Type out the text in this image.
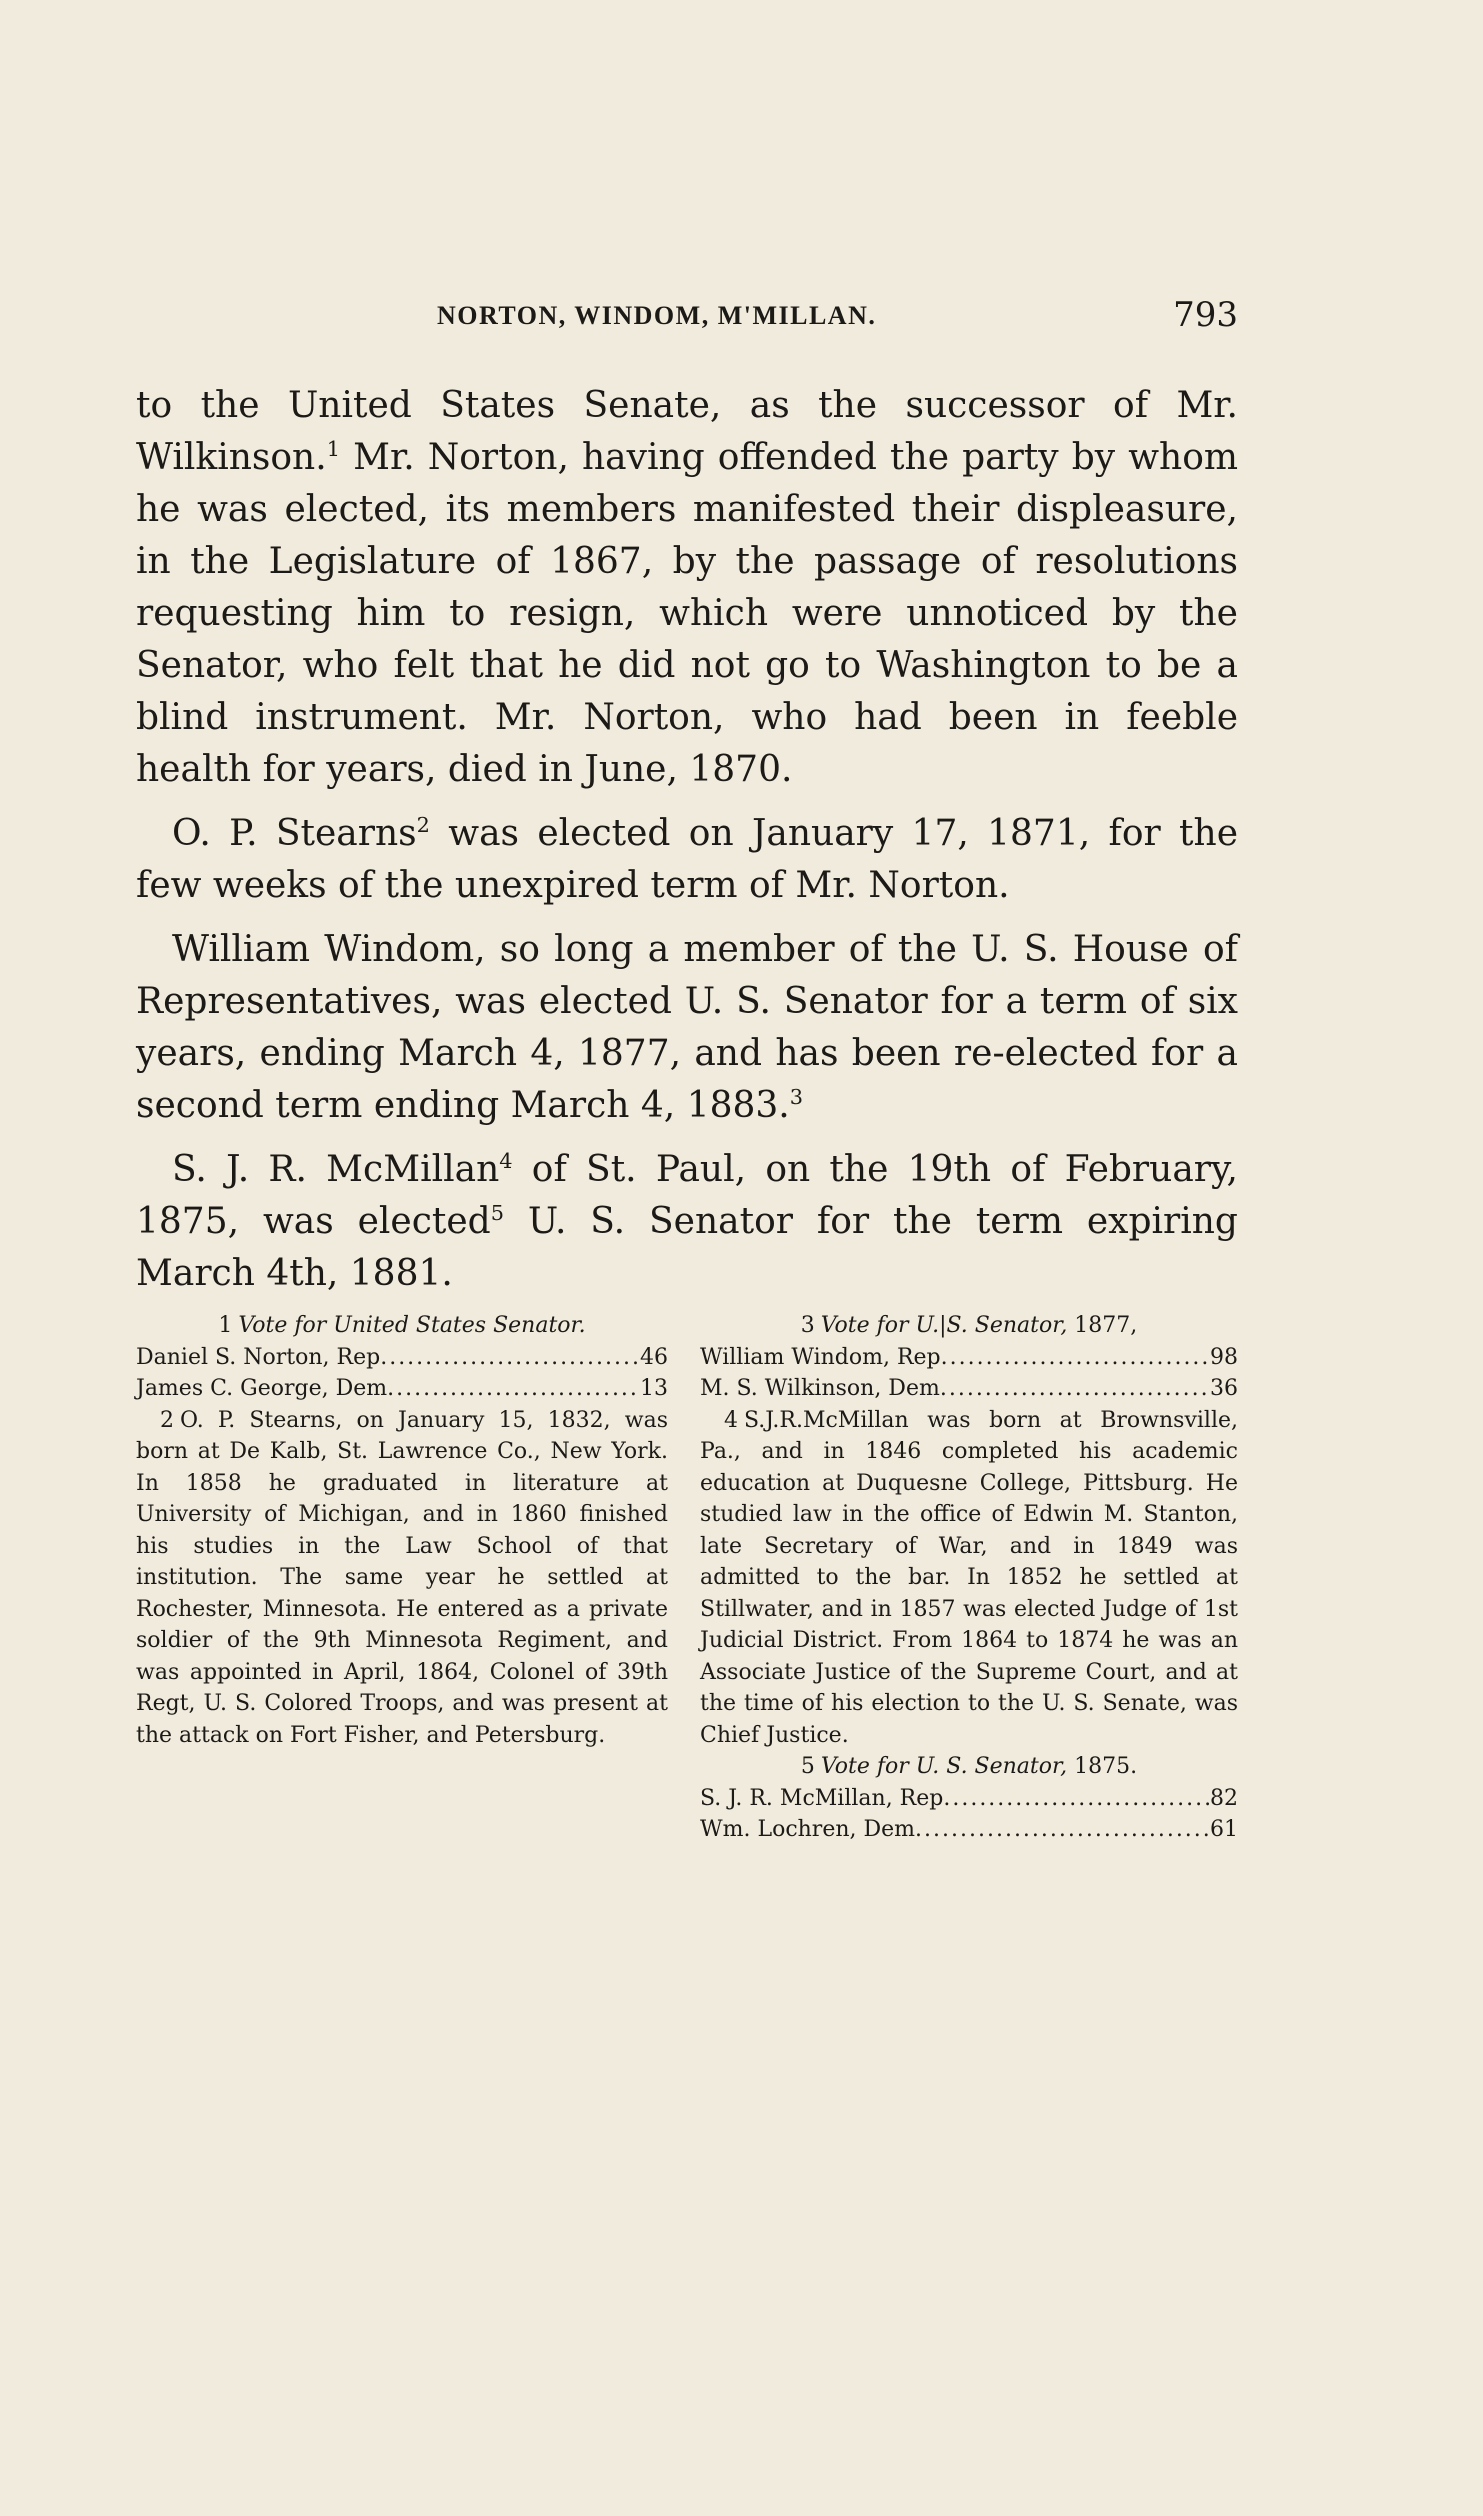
NORTON, WINDOM, M'MILLAN.	793

to the United States Senate, as the successor of Mr. Wilkinson.$^1$ Mr. Norton, having offended the party by whom he was elected, its members manifested their displeasure, in the Legislature of 1867, by the passage of resolutions requesting him to resign, which were unnoticed by the Senator, who felt that he did not go to Washington to be a blind instrument. Mr. Norton, who had been in feeble health for years, died in June, 1870.

O. P. Stearns$^2$ was elected on January 17, 1871, for the few weeks of the unexpired term of Mr. Norton.

William Windom, so long a member of the U. S. House of Representatives, was elected U. S. Senator for a term of six years, ending March 4, 1877, and has been re-elected for a second term ending March 4, 1883.$^3$

S. J. R. McMillan$^4$ of St. Paul, on the 19th of February, 1875, was elected$^5$ U. S. Senator for the term expiring March 4th, 1881.

1 Vote for United States Senator.
Daniel S. Norton, Rep .....	46
James C. George, Dem .....	13
2 O. P. Stearns, on January 15, 1832, was born at De Kalb, St. Lawrence Co., New York. In 1858 he graduated in literature at University of Michigan, and in 1860 finished his studies in the Law School of that institution. The same year he settled at Rochester, Minnesota. He entered as a private soldier of the 9th Minnesota Regiment, and was appointed in April, 1864, Colonel of 39th Regt, U. S. Colored Troops, and was present at the attack on Fort Fisher, and Petersburg.
3 Vote for U.|S. Senator, 1877,
William Windom, Rep .....	98
M. S. Wilkinson, Dem .....	36
4 S.J.R.McMillan was born at Brownsville, Pa., and in 1846 completed his academic education at Duquesne College, Pittsburg. He studied law in the office of Edwin M. Stanton, late Secretary of War, and in 1849 was admitted to the bar. In 1852 he settled at Stillwater, and in 1857 was elected Judge of 1st Judicial District. From 1864 to 1874 he was an Associate Justice of the Supreme Court, and at the time of his election to the U. S. Senate, was Chief Justice.
5 Vote for U. S. Senator, 1875.
S. J. R. McMillan, Rep .....	82
Wm. Lochren, Dem .....	61
